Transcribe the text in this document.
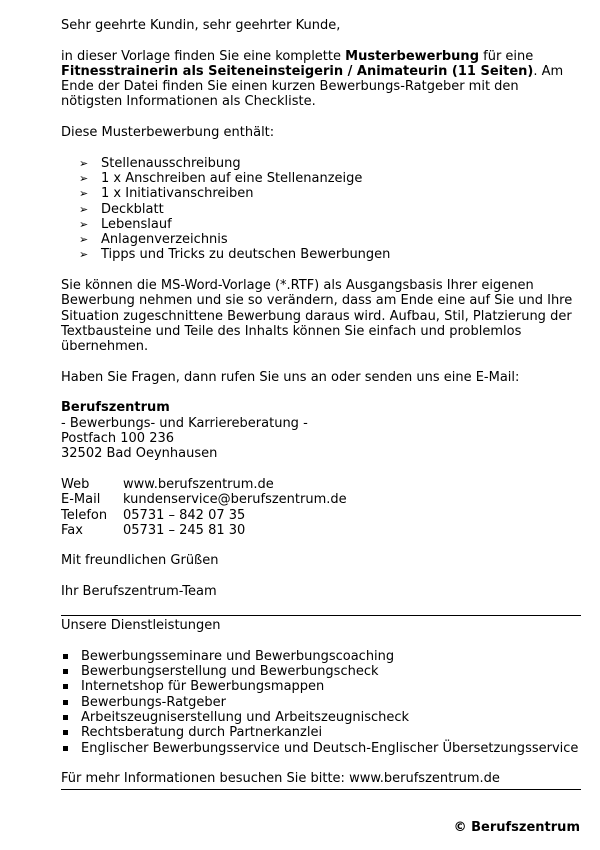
Sehr geehrte Kundin, sehr geehrter Kunde,

in dieser Vorlage finden Sie eine komplette Musterbewerbung für eine Fitnesstrainerin als Seiteneinsteigerin / Animateurin (11 Seiten). Am Ende der Datei finden Sie einen kurzen Bewerbungs-Ratgeber mit den nötigsten Informationen als Checkliste.

Diese Musterbewerbung enthält:

➢ Stellenausschreibung
➢ 1 x Anschreiben auf eine Stellenanzeige
➢ 1 x Initiativanschreiben
➢ Deckblatt
➢ Lebenslauf
➢ Anlagenverzeichnis
➢ Tipps und Tricks zu deutschen Bewerbungen

Sie können die MS-Word-Vorlage (*.RTF) als Ausgangsbasis Ihrer eigenen Bewerbung nehmen und sie so verändern, dass am Ende eine auf Sie und Ihre Situation zugeschnittene Bewerbung daraus wird. Aufbau, Stil, Platzierung der Textbausteine und Teile des Inhalts können Sie einfach und problemlos übernehmen.

Haben Sie Fragen, dann rufen Sie uns an oder senden uns eine E-Mail:

Berufszentrum

- Bewerbungs- und Karriereberatung -

Postfach 100 236

32502 Bad Oeynhausen

Web	www.berufszentrum.de
E-Mail	kundenservice@berufszentrum.de
Telefon	05731 – 842 07 35
Fax	05731 – 245 81 30

Mit freundlichen Grüßen

Ihr Berufszentrum-Team

Unsere Dienstleistungen

Bewerbungsseminare und Bewerbungscoaching
Bewerbungserstellung und Bewerbungscheck
Internetshop für Bewerbungsmappen
Bewerbungs-Ratgeber
Arbeitszeugniserstellung und Arbeitszeugnischeck
Rechtsberatung durch Partnerkanzlei
Englischer Bewerbungsservice und Deutsch-Englischer Übersetzungsservice

Für mehr Informationen besuchen Sie bitte: www.berufszentrum.de

© Berufszentrum
